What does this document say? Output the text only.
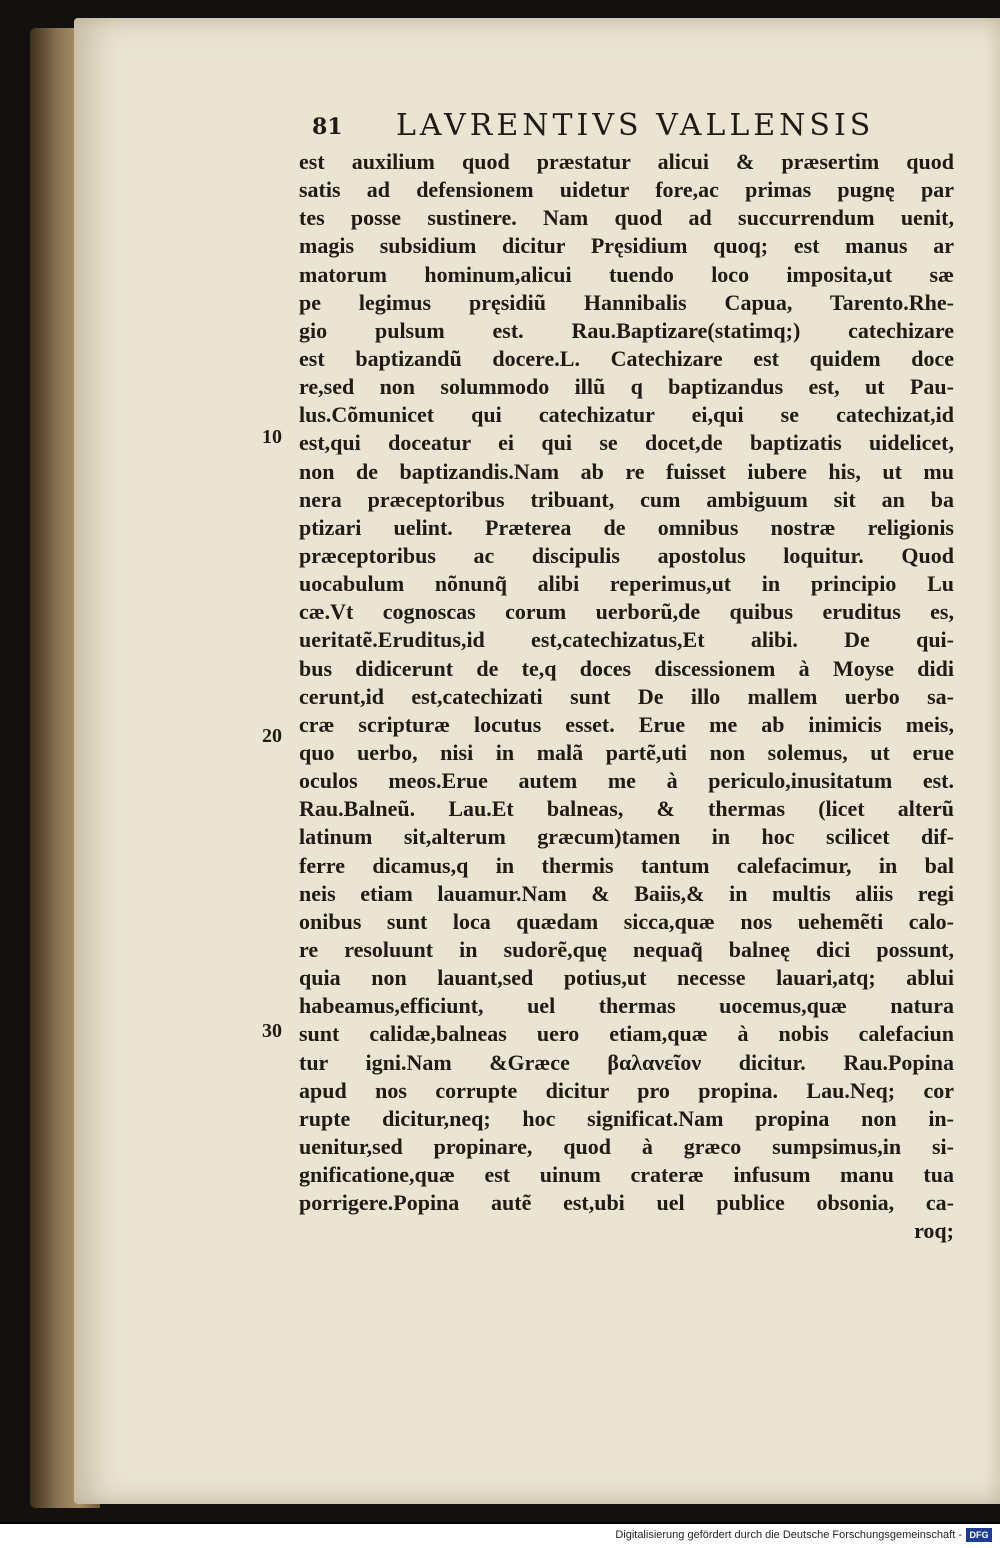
81 LAVRENTIVS VALLENSIS
10
20
30
est auxilium quod præstatur alicui & præsertim quod
satis ad defensionem uidetur fore,ac primas pugnę par
tes posse sustinere. Nam quod ad succurrendum uenit,
magis subsidium dicitur Pręsidium quoq; est manus ar
matorum hominum,alicui tuendo loco imposita,ut sæ
pe legimus pręsidiũ Hannibalis Capua, Tarento.Rhe-
gio pulsum est. Rau.Baptizare(statimq;) catechizare
est baptizandũ docere.L. Catechizare est quidem doce
re,sed non solummodo illũ q baptizandus est, ut Pau-
lus.Cõmunicet qui catechizatur ei,qui se catechizat,id
est,qui doceatur ei qui se docet,de baptizatis uidelicet,
non de baptizandis.Nam ab re fuisset iubere his, ut mu
nera præceptoribus tribuant, cum ambiguum sit an ba
ptizari uelint. Præterea de omnibus nostræ religionis
præceptoribus ac discipulis apostolus loquitur. Quod
uocabulum nõnunq̃ alibi reperimus,ut in principio Lu
cæ.Vt cognoscas corum uerborũ,de quibus eruditus es,
ueritatẽ.Eruditus,id est,catechizatus,Et alibi. De qui-
bus didicerunt de te,q doces discessionem à Moyse didi
cerunt,id est,catechizati sunt De illo mallem uerbo sa-
cræ scripturæ locutus esset. Erue me ab inimicis meis,
quo uerbo, nisi in malã partẽ,uti non solemus, ut erue
oculos meos.Erue autem me à periculo,inusitatum est.
Rau.Balneũ. Lau.Et balneas, & thermas (licet alterũ
latinum sit,alterum græcum)tamen in hoc scilicet dif-
ferre dicamus,q in thermis tantum calefacimur, in bal
neis etiam lauamur.Nam & Baiis,& in multis aliis regi
onibus sunt loca quædam sicca,quæ nos uehemẽti calo-
re resoluunt in sudorẽ,quę nequaq̃ balneę dici possunt,
quia non lauant,sed potius,ut necesse lauari,atq; ablui
habeamus,efficiunt, uel thermas uocemus,quæ natura
sunt calidæ,balneas uero etiam,quæ à nobis calefaciun
tur igni.Nam &Græce βαλανεῖον dicitur. Rau.Popina
apud nos corrupte dicitur pro propina. Lau.Neq; cor
rupte dicitur,neq; hoc significat.Nam propina non in-
uenitur,sed propinare, quod à græco sumpsimus,in si-
gnificatione,quæ est uinum crateræ infusum manu tua
porrigere.Popina autẽ est,ubi uel publice obsonia, ca-
roq;
Digitalisierung gefördert durch die Deutsche Forschungsgemeinschaft - DFG
